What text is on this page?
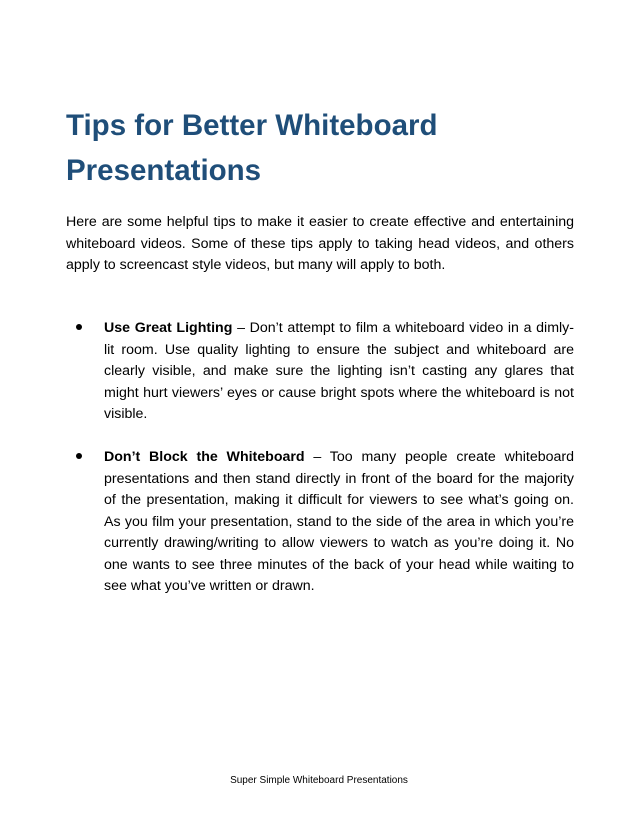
Tips for Better Whiteboard Presentations

Here are some helpful tips to make it easier to create effective and entertaining whiteboard videos. Some of these tips apply to taking head videos, and others apply to screencast style videos, but many will apply to both.

Use Great Lighting – Don’t attempt to film a whiteboard video in a dimly-lit room. Use quality lighting to ensure the subject and whiteboard are clearly visible, and make sure the lighting isn’t casting any glares that might hurt viewers’ eyes or cause bright spots where the whiteboard is not visible.
Don’t Block the Whiteboard – Too many people create whiteboard presentations and then stand directly in front of the board for the majority of the presentation, making it difficult for viewers to see what’s going on. As you film your presentation, stand to the side of the area in which you’re currently drawing/writing to allow viewers to watch as you’re doing it. No one wants to see three minutes of the back of your head while waiting to see what you’ve written or drawn.
Super Simple Whiteboard Presentations
